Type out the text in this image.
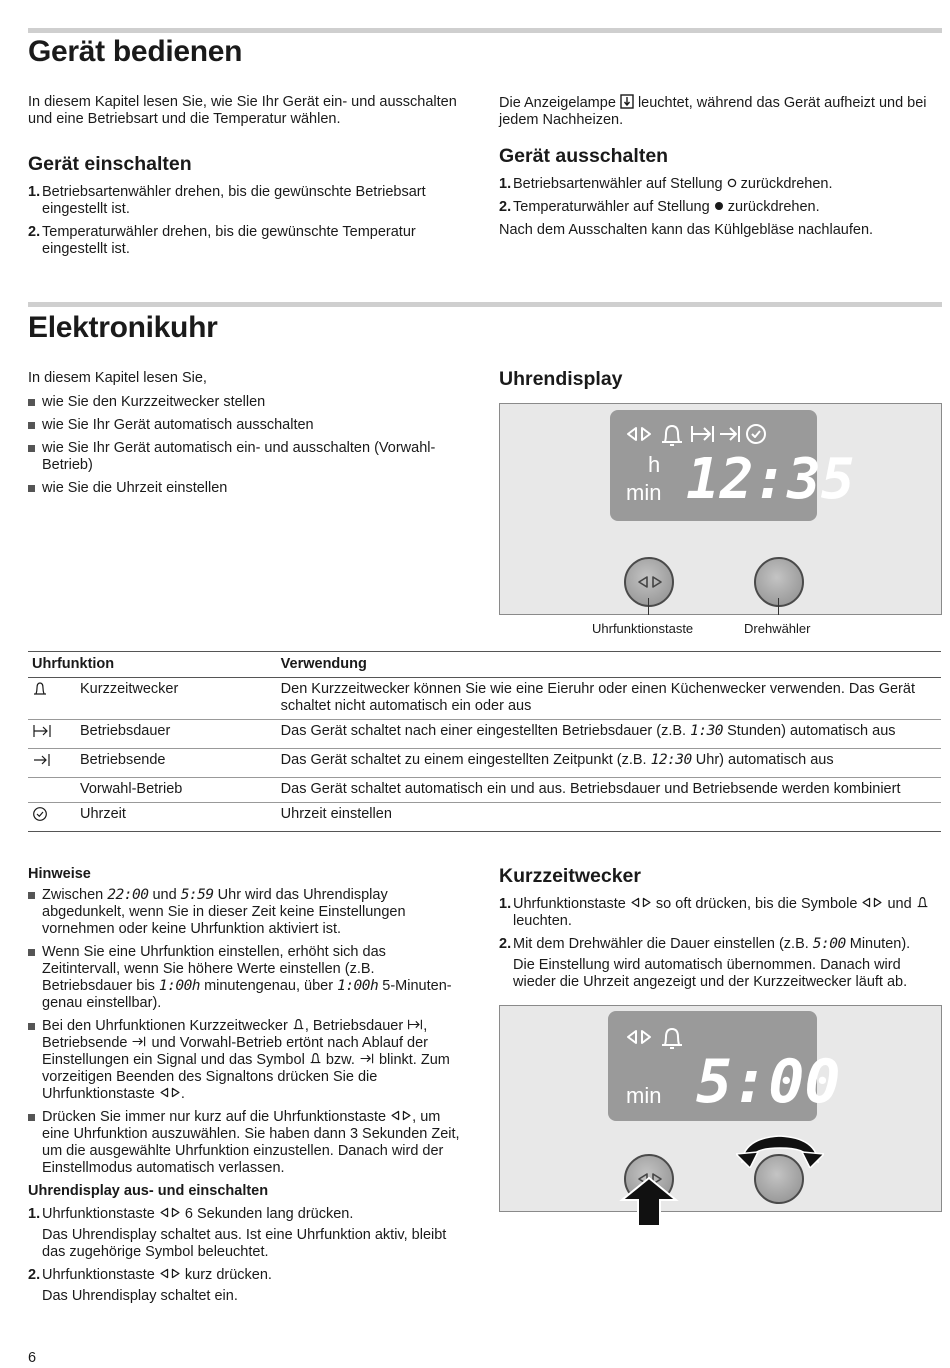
Gerät bedienen

In diesem Kapitel lesen Sie, wie Sie Ihr Gerät ein- und ausschalten und eine Betriebsart und die Temperatur wählen.

Gerät einschalten
1. Betriebsartenwähler drehen, bis die gewünschte Betriebsart eingestellt ist.
2. Temperaturwähler drehen, bis die gewünschte Temperatur eingestellt ist.

Die Anzeigelampe leuchtet, während das Gerät aufheizt und bei jedem Nachheizen.

Gerät ausschalten
1. Betriebsartenwähler auf Stellung zurückdrehen.
2. Temperaturwähler auf Stellung zurückdrehen.

Nach dem Ausschalten kann das Kühlgebläse nachlaufen.

Elektronikuhr

In diesem Kapitel lesen Sie,

wie Sie den Kurzzeitwecker stellen
wie Sie Ihr Gerät automatisch ausschalten
wie Sie Ihr Gerät automatisch ein- und ausschalten (Vorwahl-Betrieb)
wie Sie die Uhrzeit einstellen
Uhrendisplay
h
min 12:35
Uhrfunktionstaste	Drehwähler
Uhrfunktion		Verwendung
	Kurzzeitwecker	Den Kurzzeitwecker können Sie wie eine Eieruhr oder einen Küchenwecker verwenden. Das Gerät schaltet nicht automatisch ein oder aus
	Betriebsdauer	Das Gerät schaltet nach einer eingestellten Betriebsdauer (z.B. 1:30 Stunden) automatisch aus
	Betriebsende	Das Gerät schaltet zu einem eingestellten Zeitpunkt (z.B. 12:30 Uhr) automatisch aus
	Vorwahl-Betrieb	Das Gerät schaltet automatisch ein und aus. Betriebsdauer und Betriebsende werden kombiniert
	Uhrzeit	Uhrzeit einstellen

Hinweise

Zwischen 22:00 und 5:59 Uhr wird das Uhrendisplay abgedunkelt, wenn Sie in dieser Zeit keine Einstellungen vornehmen oder keine Uhrfunktion aktiviert ist.
Wenn Sie eine Uhrfunktion einstellen, erhöht sich das Zeitintervall, wenn Sie höhere Werte einstellen (z.B. Betriebsdauer bis 1:00h minutengenau, über 1:00h 5-Minuten-genau einstellbar).
Bei den Uhrfunktionen Kurzzeitwecker , Betriebsdauer , Betriebsende und Vorwahl-Betrieb ertönt nach Ablauf der Einstellungen ein Signal und das Symbol bzw. blinkt. Zum vorzeitigen Beenden des Signaltons drücken Sie die Uhrfunktionstaste .
Drücken Sie immer nur kurz auf die Uhrfunktionstaste , um eine Uhrfunktion auszuwählen. Sie haben dann 3 Sekunden Zeit, um die ausgewählte Uhrfunktion einzustellen. Danach wird der Einstellmodus automatisch verlassen.

Uhrendisplay aus- und einschalten

1. Uhrfunktionstaste 6 Sekunden lang drücken.
Das Uhrendisplay schaltet aus. Ist eine Uhrfunktion aktiv, bleibt das zugehörige Symbol beleuchtet.
2. Uhrfunktionstaste kurz drücken.
Das Uhrendisplay schaltet ein.
Kurzzeitwecker
1. Uhrfunktionstaste so oft drücken, bis die Symbole und  leuchten.
2. Mit dem Drehwähler die Dauer einstellen (z.B. 5:00 Minuten).
Die Einstellung wird automatisch übernommen. Danach wird wieder die Uhrzeit angezeigt und der Kurzzeitwecker läuft ab.
min 5:00
6
